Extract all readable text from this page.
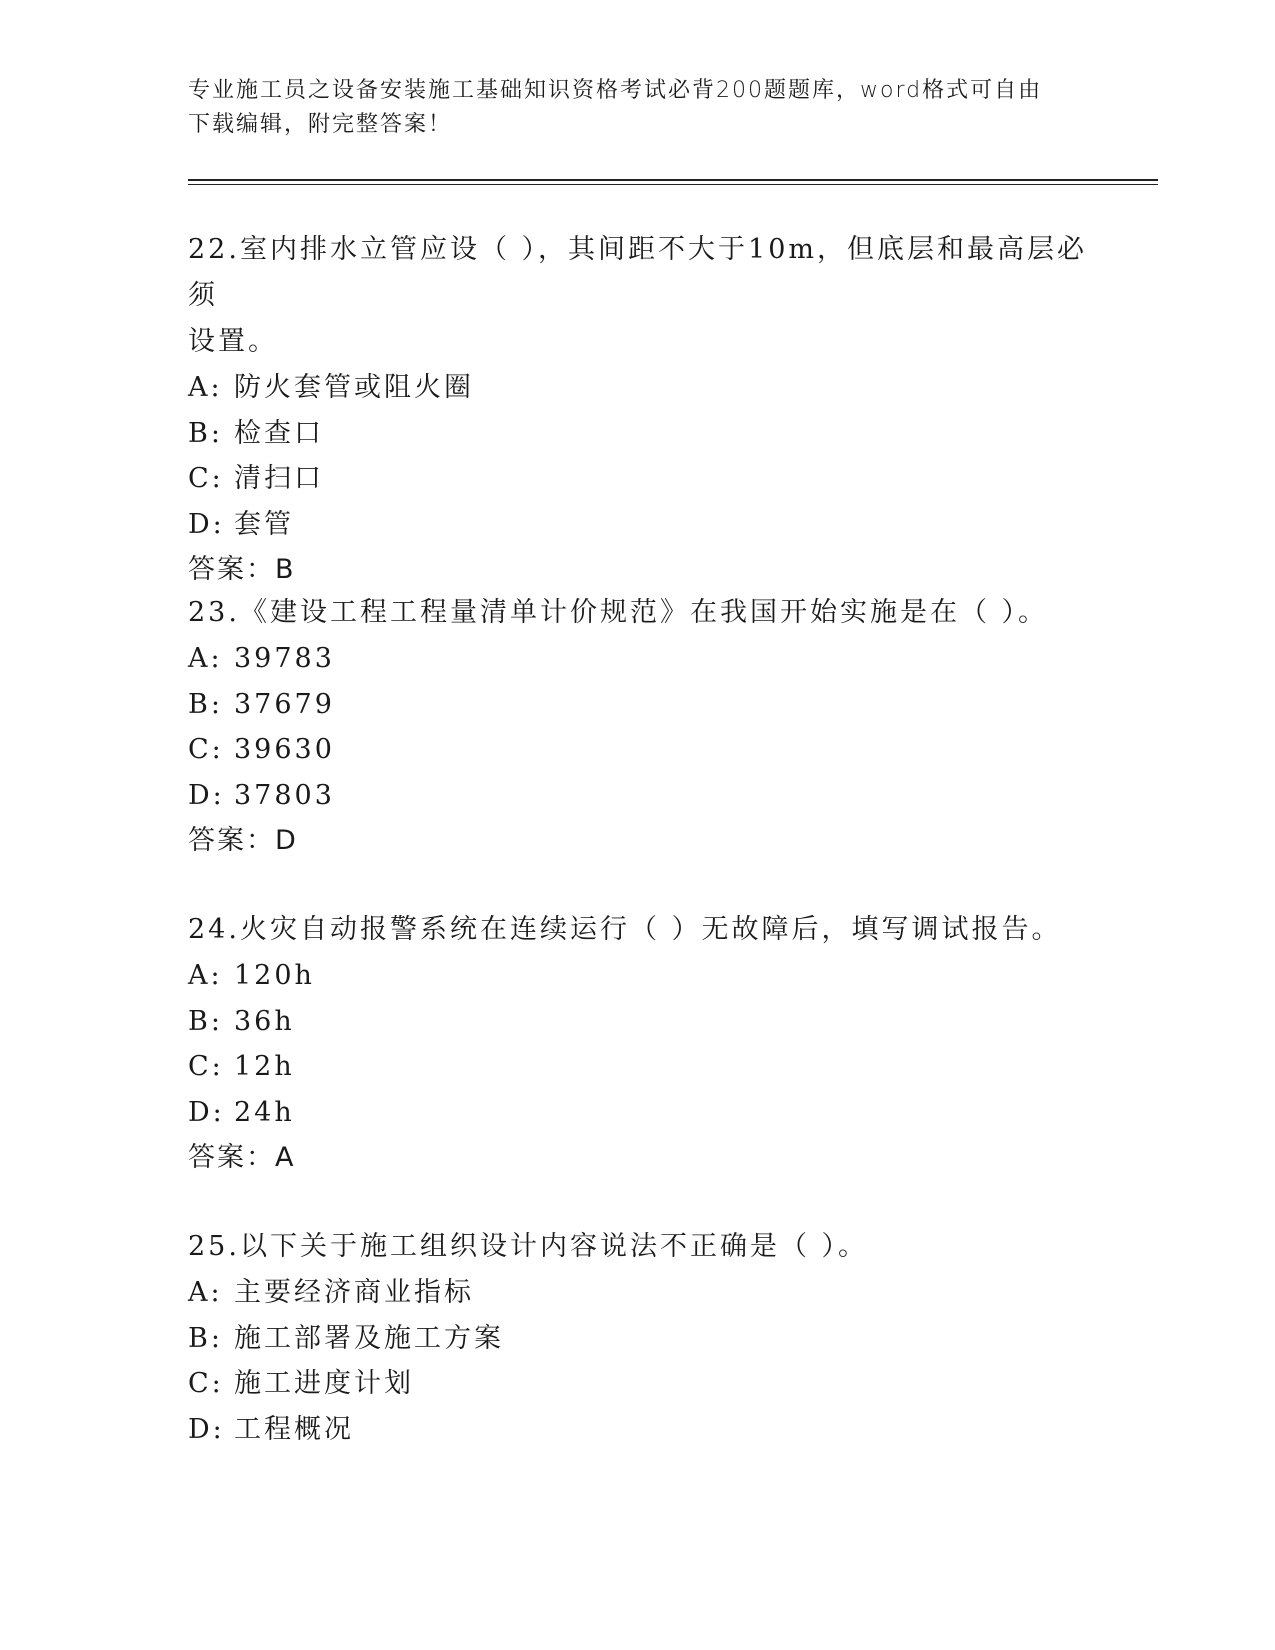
专业施工员之设备安装施工基础知识资格考试必背200题题库，word格式可自由
下载编辑，附完整答案！

22.室内排水立管应设（ ），其间距不大于10m，但底层和最高层必须
设置。

A: 防火套管或阻火圈

B: 检查口

C: 清扫口

D: 套管

答案：B

23.《建设工程工程量清单计价规范》在我国开始实施是在（ ）。

A: 39783

B: 37679

C: 39630

D: 37803

答案：D

24.火灾自动报警系统在连续运行（ ）无故障后，填写调试报告。

A: 120h

B: 36h

C: 12h

D: 24h

答案：A

25.以下关于施工组织设计内容说法不正确是（ ）。

A: 主要经济商业指标

B: 施工部署及施工方案

C: 施工进度计划

D: 工程概况
